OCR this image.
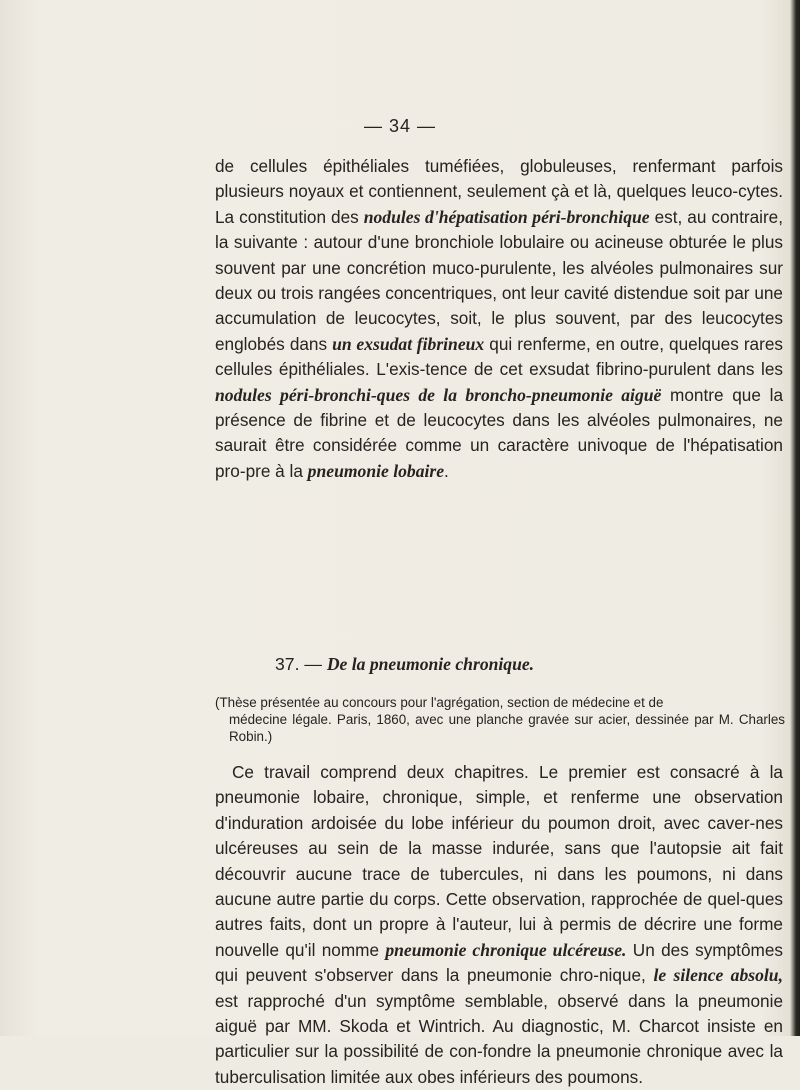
— 34 —

de cellules épithéliales tuméfiées, globuleuses, renfermant parfois plusieurs noyaux et contiennent, seulement çà et là, quelques leuco-cytes. La constitution des nodules d'hépatisation péri-bronchique est, au contraire, la suivante : autour d'une bronchiole lobulaire ou acineuse obturée le plus souvent par une concrétion muco-purulente, les alvéoles pulmonaires sur deux ou trois rangées concentriques, ont leur cavité distendue soit par une accumulation de leucocytes, soit, le plus souvent, par des leucocytes englobés dans un exsudat fibrineux qui renferme, en outre, quelques rares cellules épithéliales. L'exis-tence de cet exsudat fibrino-purulent dans les nodules péri-bronchi-ques de la broncho-pneumonie aiguë montre que la présence de fibrine et de leucocytes dans les alvéoles pulmonaires, ne saurait être considérée comme un caractère univoque de l'hépatisation pro-pre à la pneumonie lobaire.

37. — De la pneumonie chronique.

(Thèse présentée au concours pour l'agrégation, section de médecine et de
médecine légale. Paris, 1860, avec une planche gravée sur acier, dessinée par M. Charles Robin.)

Ce travail comprend deux chapitres. Le premier est consacré à la pneumonie lobaire, chronique, simple, et renferme une observation d'induration ardoisée du lobe inférieur du poumon droit, avec caver-nes ulcéreuses au sein de la masse indurée, sans que l'autopsie ait fait découvrir aucune trace de tubercules, ni dans les poumons, ni dans aucune autre partie du corps. Cette observation, rapprochée de quel-ques autres faits, dont un propre à l'auteur, lui à permis de décrire une forme nouvelle qu'il nomme pneumonie chronique ulcéreuse. Un des symptômes qui peuvent s'observer dans la pneumonie chro-nique, le silence absolu, est rapproché d'un symptôme semblable, observé dans la pneumonie aiguë par MM. Skoda et Wintrich. Au diagnostic, M. Charcot insiste en particulier sur la possibilité de con-fondre la pneumonie chronique avec la tuberculisation limitée aux obes inférieurs des poumons.
